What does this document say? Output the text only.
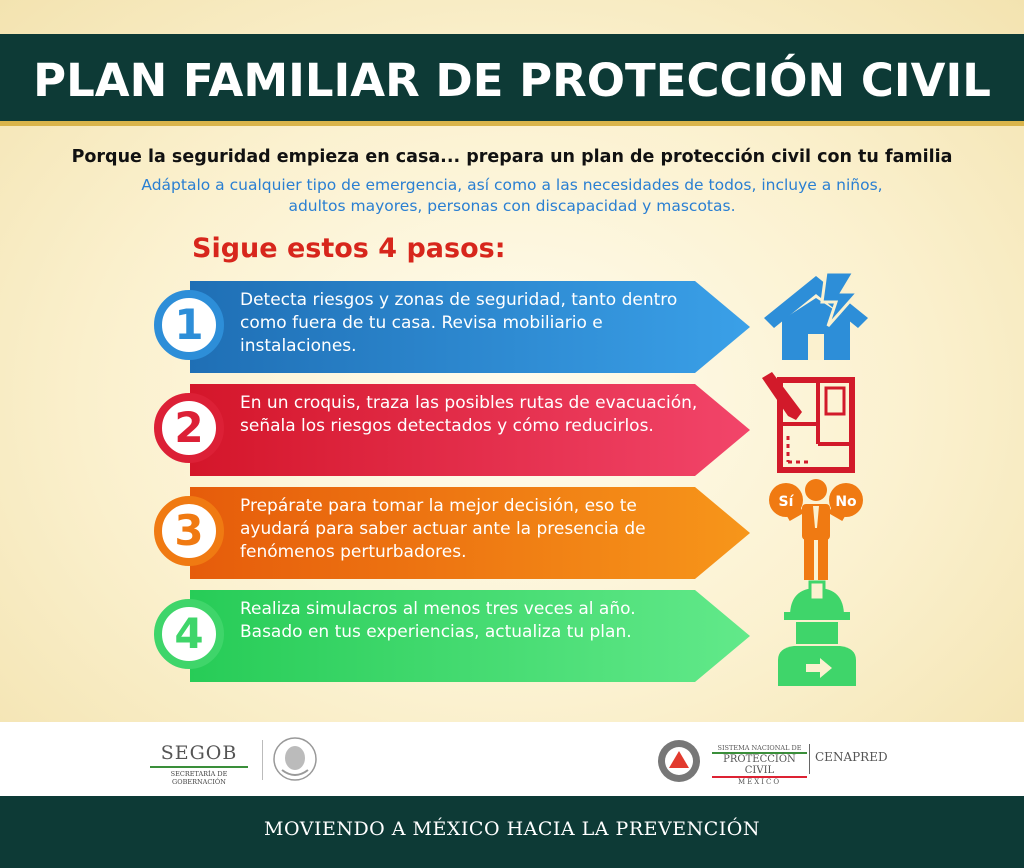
PLAN FAMILIAR DE PROTECCIÓN CIVIL
Porque la seguridad empieza en casa... prepara un plan de protección civil con tu familia
Adáptalo a cualquier tipo de emergencia, así como a las necesidades de todos, incluye a niños, adultos mayores, personas con discapacidad y mascotas.
Sigue estos 4 pasos:
1	Detecta riesgos y zonas de seguridad, tanto dentro como fuera de tu casa. Revisa mobiliario e instalaciones.
2	En un croquis, traza las posibles rutas de evacuación, señala los riesgos detectados y cómo reducirlos.
3	Prepárate para tomar la mejor decisión, eso te ayudará para saber actuar ante la presencia de fenómenos perturbadores.
4	Realiza simulacros al menos tres veces al año. Basado en tus experiencias, actualiza tu plan.
Sí	No
SEGOB
SECRETARÍA DE GOBERNACIÓN
SISTEMA NACIONAL DE
PROTECCIÓN CIVIL
MÉXICO
CENAPRED
MOVIENDO A MÉXICO HACIA LA PREVENCIÓN
